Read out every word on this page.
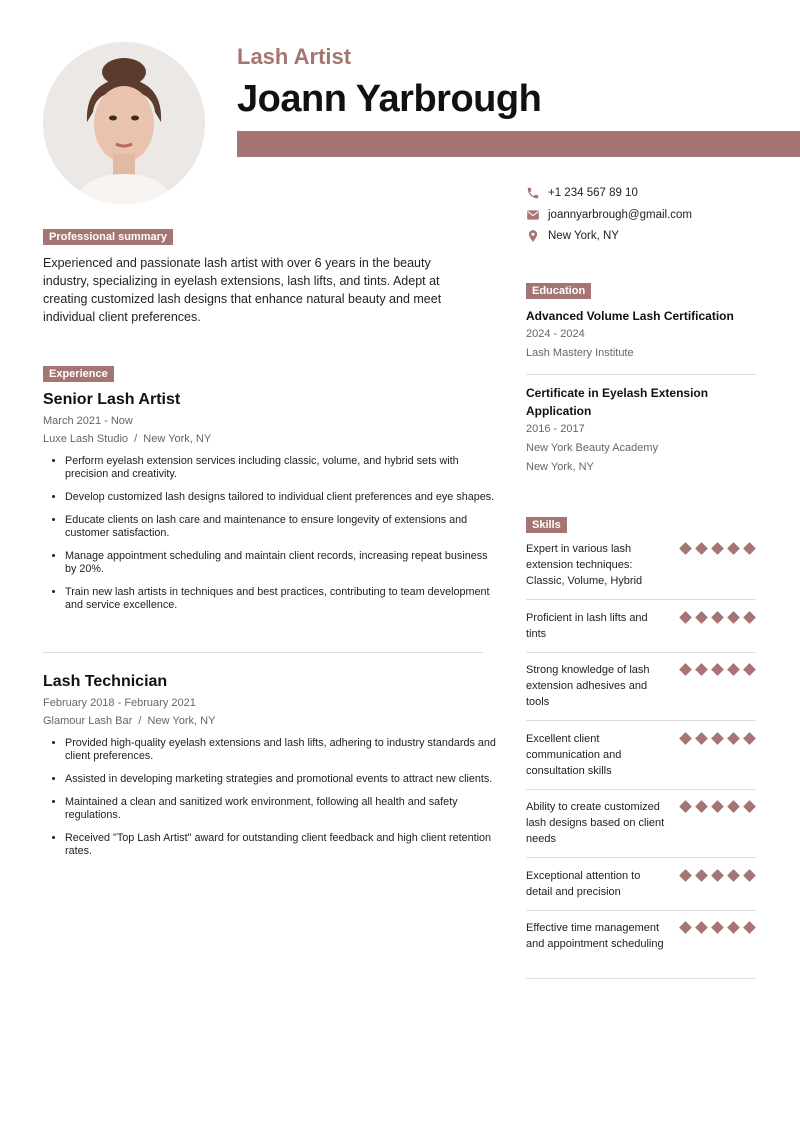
Lash Artist
Joann Yarbrough
+1 234 567 89 10
joannyarbrough@gmail.com
New York, NY
Professional summary
Experienced and passionate lash artist with over 6 years in the beauty industry, specializing in eyelash extensions, lash lifts, and tints. Adept at creating customized lash designs that enhance natural beauty and meet individual client preferences.
Experience
Senior Lash Artist
March 2021 - Now
Luxe Lash Studio  /  New York, NY
• Perform eyelash extension services including classic, volume, and hybrid sets with precision and creativity.
• Develop customized lash designs tailored to individual client preferences and eye shapes.
• Educate clients on lash care and maintenance to ensure longevity of extensions and customer satisfaction.
• Manage appointment scheduling and maintain client records, increasing repeat business by 20%.
• Train new lash artists in techniques and best practices, contributing to team development and service excellence.
Lash Technician
February 2018 - February 2021
Glamour Lash Bar  /  New York, NY
• Provided high-quality eyelash extensions and lash lifts, adhering to industry standards and client preferences.
• Assisted in developing marketing strategies and promotional events to attract new clients.
• Maintained a clean and sanitized work environment, following all health and safety regulations.
• Received "Top Lash Artist" award for outstanding client feedback and high client retention rates.
Education
Advanced Volume Lash Certification
2024 - 2024
Lash Mastery Institute
Certificate in Eyelash Extension Application
2016 - 2017
New York Beauty Academy
New York, NY
Skills
Expert in various lash extension techniques: Classic, Volume, Hybrid
Proficient in lash lifts and tints
Strong knowledge of lash extension adhesives and tools
Excellent client communication and consultation skills
Ability to create customized lash designs based on client needs
Exceptional attention to detail and precision
Effective time management and appointment scheduling
